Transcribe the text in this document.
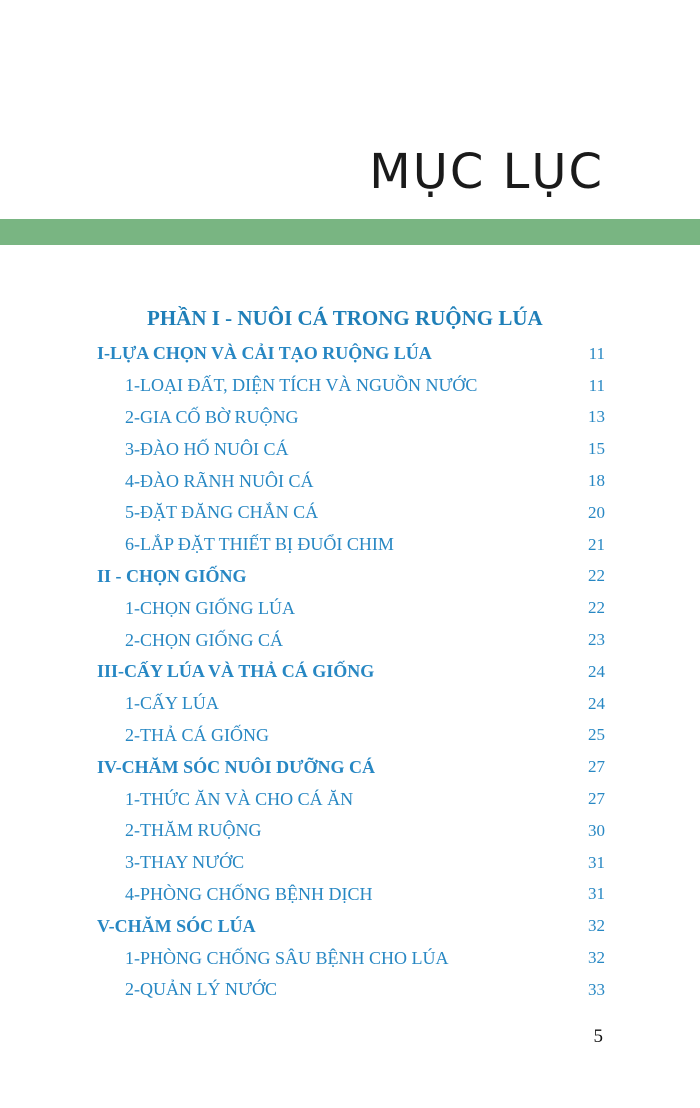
MỤC LỤC
PHẦN I - NUÔI CÁ TRONG RUỘNG LÚA
I-LỰA CHỌN VÀ CẢI TẠO RUỘNG LÚA	11
1-LOẠI ĐẤT, DIỆN TÍCH VÀ NGUỒN NƯỚC	11
2-GIA CỐ BỜ RUỘNG	13
3-ĐÀO HỐ NUÔI CÁ	15
4-ĐÀO RÃNH NUÔI CÁ	18
5-ĐẶT ĐĂNG CHẮN CÁ	20
6-LẮP ĐẶT THIẾT BỊ ĐUỔI CHIM	21
II - CHỌN GIỐNG	22
1-CHỌN GIỐNG LÚA	22
2-CHỌN GIỐNG CÁ	23
III-CẤY LÚA VÀ THẢ CÁ GIỐNG	24
1-CẤY LÚA	24
2-THẢ CÁ GIỐNG	25
IV-CHĂM SÓC NUÔI DƯỠNG CÁ	27
1-THỨC ĂN VÀ CHO CÁ ĂN	27
2-THĂM RUỘNG	30
3-THAY NƯỚC	31
4-PHÒNG CHỐNG BỆNH DỊCH	31
V-CHĂM SÓC LÚA	32
1-PHÒNG CHỐNG SÂU BỆNH CHO LÚA	32
2-QUẢN LÝ NƯỚC	33
5
